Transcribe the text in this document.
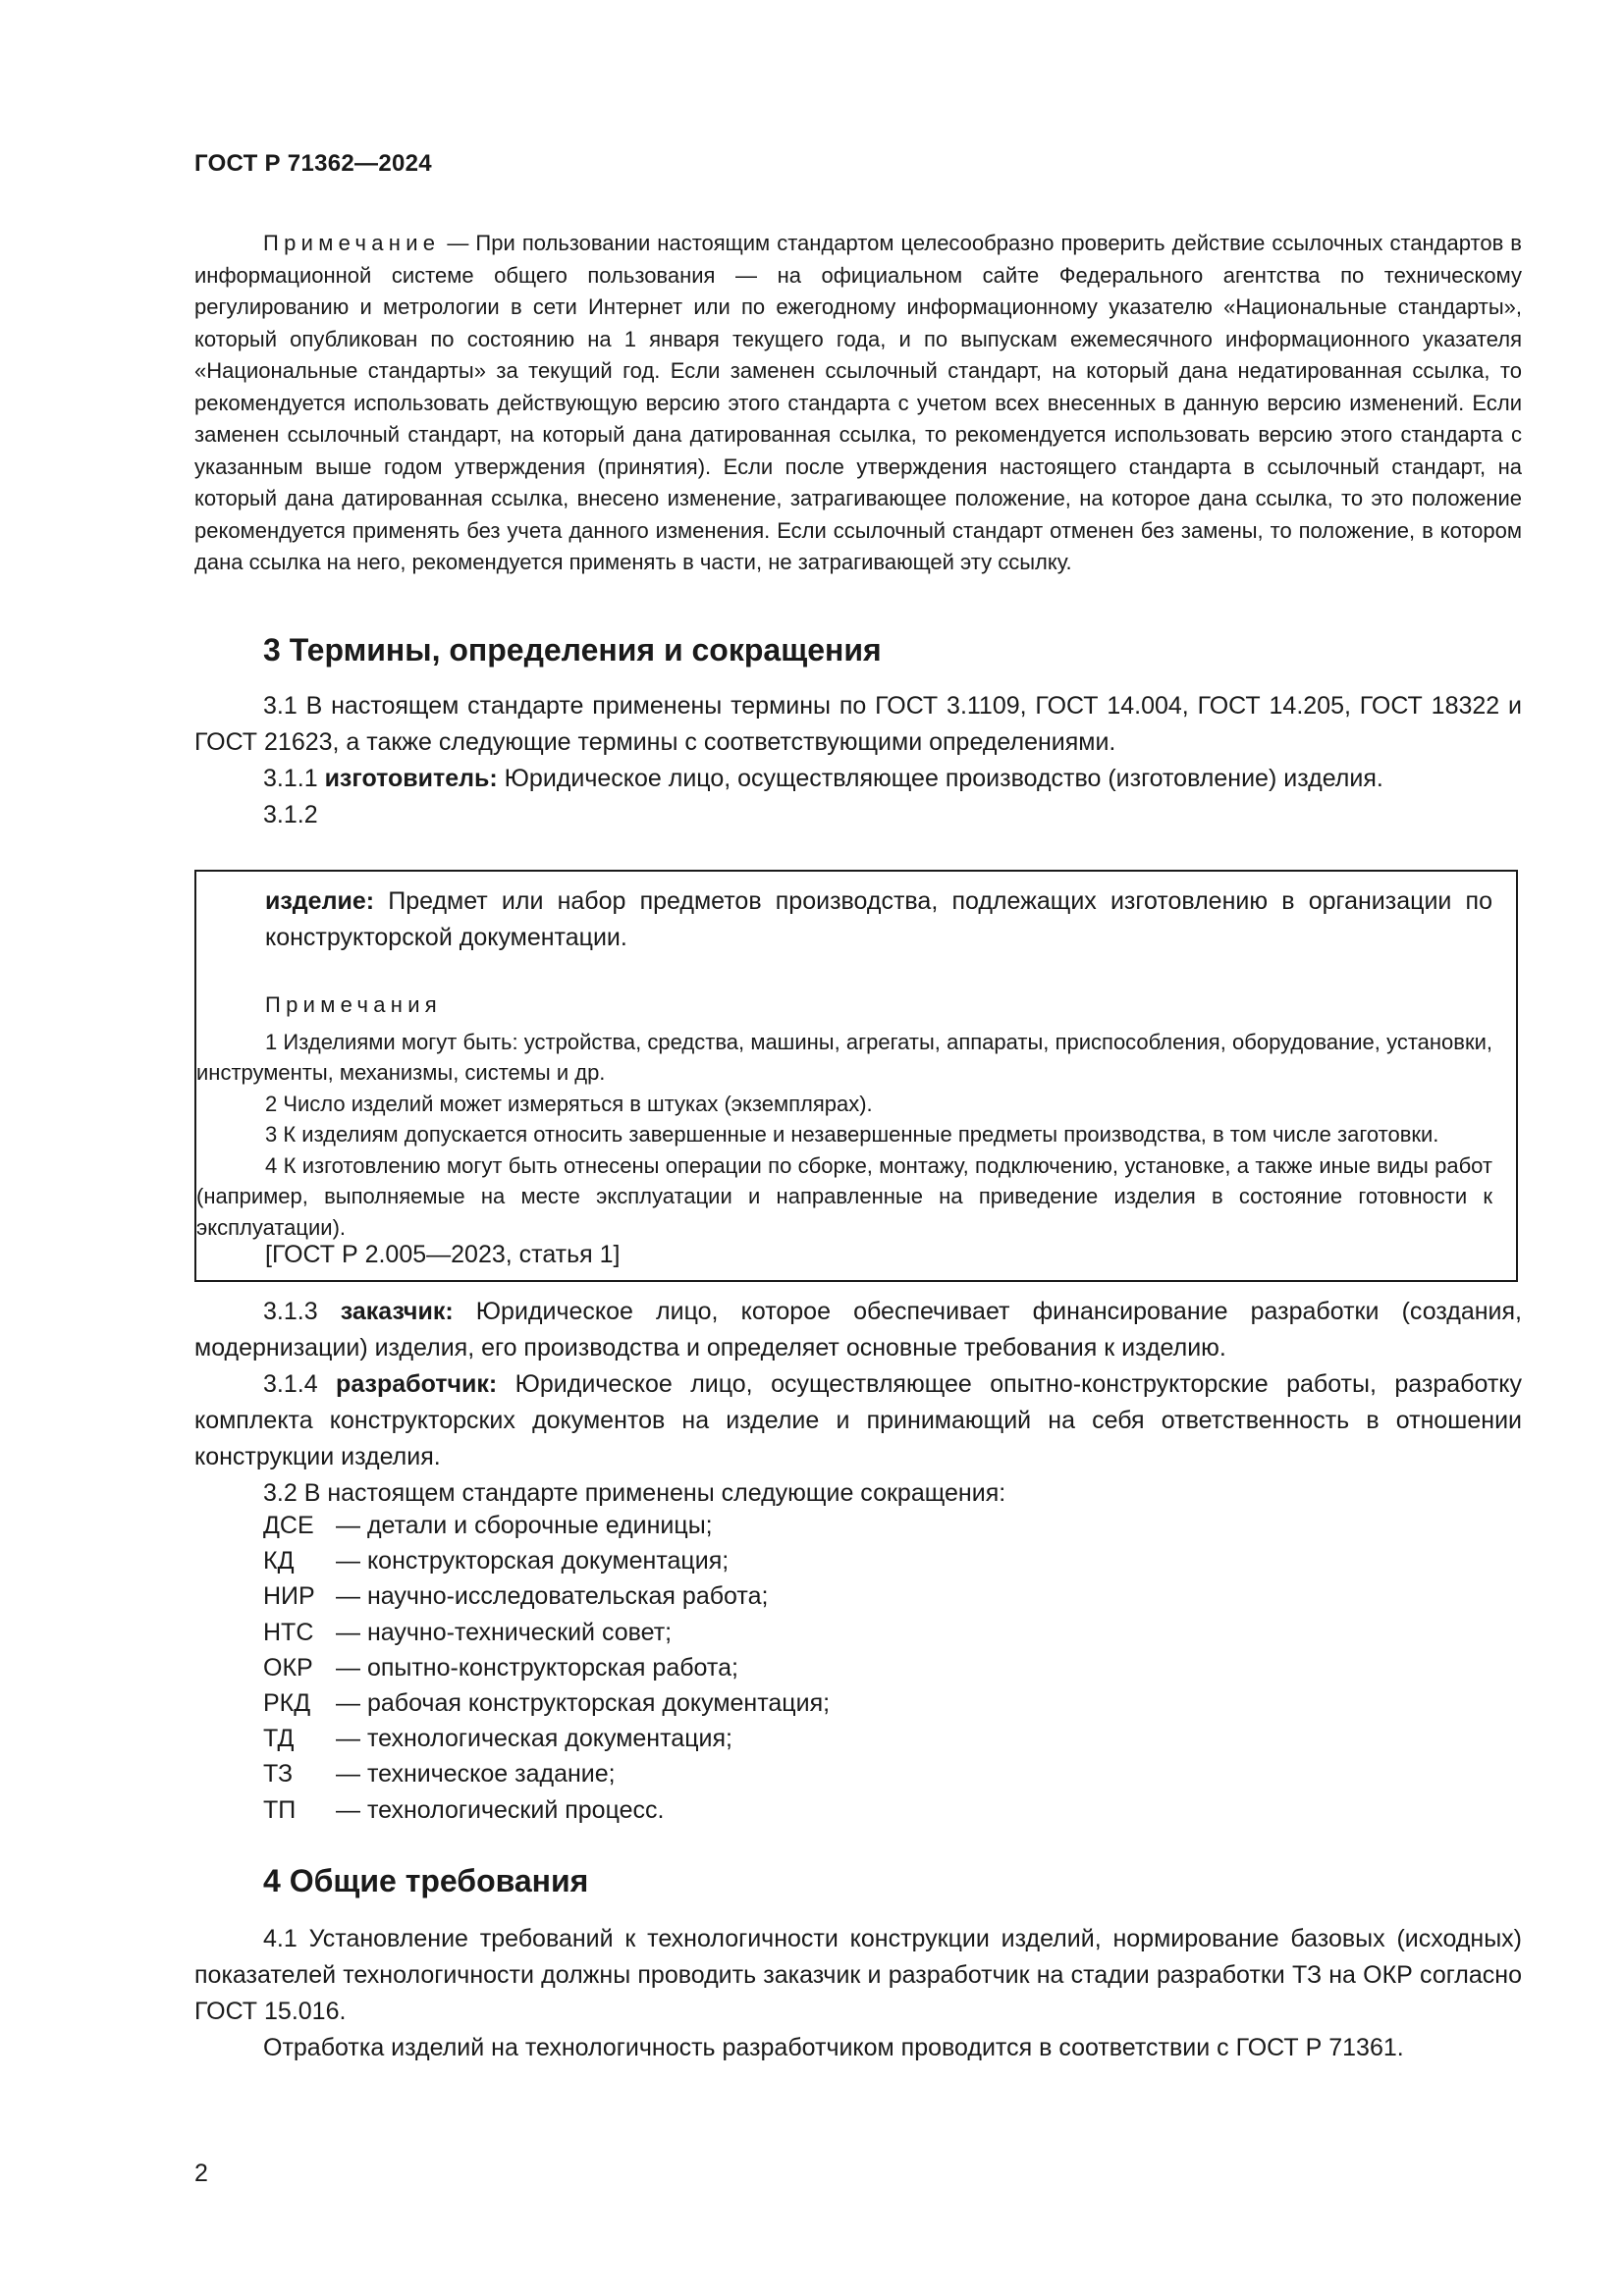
ГОСТ Р 71362—2024

Примечание — При пользовании настоящим стандартом целесообразно проверить действие ссылочных стандартов в информационной системе общего пользования — на официальном сайте Федерального агентства по техническому регулированию и метрологии в сети Интернет или по ежегодному информационному указателю «Национальные стандарты», который опубликован по состоянию на 1 января текущего года, и по выпускам ежемесячного информационного указателя «Национальные стандарты» за текущий год. Если заменен ссылочный стандарт, на который дана недатированная ссылка, то рекомендуется использовать действующую версию этого стандарта с учетом всех внесенных в данную версию изменений. Если заменен ссылочный стандарт, на который дана датированная ссылка, то рекомендуется использовать версию этого стандарта с указанным выше годом утверждения (принятия). Если после утверждения настоящего стандарта в ссылочный стандарт, на который дана датированная ссылка, внесено изменение, затрагивающее положение, на которое дана ссылка, то это положение рекомендуется применять без учета данного изменения. Если ссылочный стандарт отменен без замены, то положение, в котором дана ссылка на него, рекомендуется применять в части, не затрагивающей эту ссылку.

3 Термины, определения и сокращения

3.1 В настоящем стандарте применены термины по ГОСТ 3.1109, ГОСТ 14.004, ГОСТ 14.205, ГОСТ 18322 и ГОСТ 21623, а также следующие термины с соответствующими определениями.

3.1.1 изготовитель: Юридическое лицо, осуществляющее производство (изготовление) изделия.

3.1.2

изделие: Предмет или набор предметов производства, подлежащих изготовлению в организации по конструкторской документации.

Примечания

1 Изделиями могут быть: устройства, средства, машины, агрегаты, аппараты, приспособления, оборудование, установки, инструменты, механизмы, системы и др.

2 Число изделий может измеряться в штуках (экземплярах).

3 К изделиям допускается относить завершенные и незавершенные предметы производства, в том числе заготовки.

4 К изготовлению могут быть отнесены операции по сборке, монтажу, подключению, установке, а также иные виды работ (например, выполняемые на месте эксплуатации и направленные на приведение изделия в состояние готовности к эксплуатации).

[ГОСТ Р 2.005—2023, статья 1]

3.1.3 заказчик: Юридическое лицо, которое обеспечивает финансирование разработки (создания, модернизации) изделия, его производства и определяет основные требования к изделию.

3.1.4 разработчик: Юридическое лицо, осуществляющее опытно-конструкторские работы, разработку комплекта конструкторских документов на изделие и принимающий на себя ответственность в отношении конструкции изделия.

3.2 В настоящем стандарте применены следующие сокращения:

ДСЕ — детали и сборочные единицы;
КД	— конструкторская документация;
НИР — научно-исследовательская работа;
НТС — научно-технический совет;
ОКР — опытно-конструкторская работа;
РКД	— рабочая конструкторская документация;
ТД	— технологическая документация;
ТЗ	— техническое задание;
ТП	— технологический процесс.
4 Общие требования

4.1 Установление требований к технологичности конструкции изделий, нормирование базовых (исходных) показателей технологичности должны проводить заказчик и разработчик на стадии разработки ТЗ на ОКР согласно ГОСТ 15.016.

Отработка изделий на технологичность разработчиком проводится в соответствии с ГОСТ Р 71361.

2
